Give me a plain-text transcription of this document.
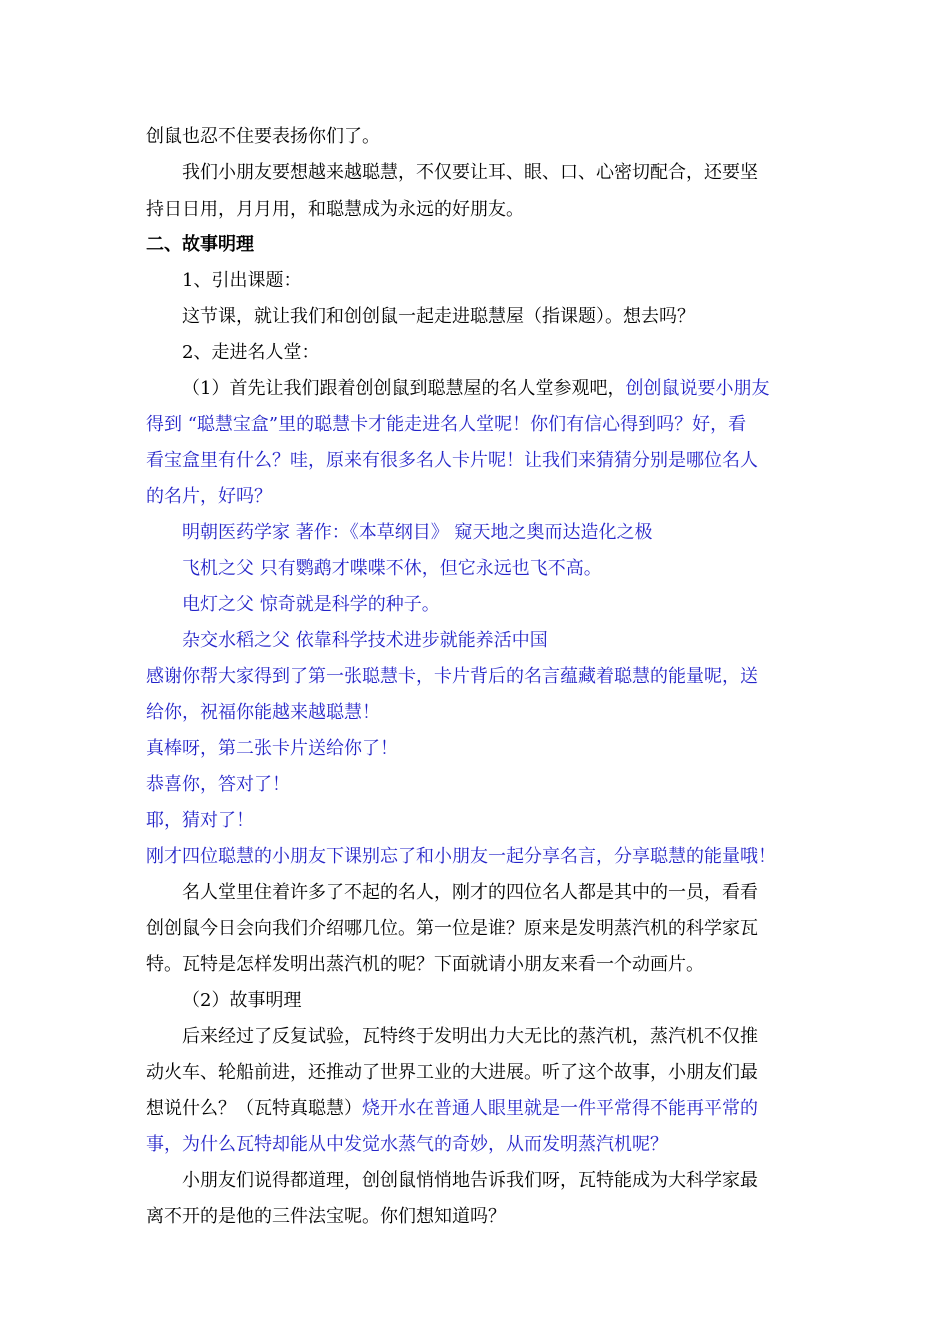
创鼠也忍不住要表扬你们了。
我们小朋友要想越来越聪慧，不仅要让耳、眼、口、心密切配合，还要坚
持日日用，月月用，和聪慧成为永远的好朋友。
二、故事明理
1、引出课题：
这节课，就让我们和创创鼠一起走进聪慧屋（指课题）。想去吗？
2、走进名人堂：
（1）首先让我们跟着创创鼠到聪慧屋的名人堂参观吧，创创鼠说要小朋友
得到 “聪慧宝盒”里的聪慧卡才能走进名人堂呢！你们有信心得到吗？好，看
看宝盒里有什么？哇，原来有很多名人卡片呢！让我们来猜猜分别是哪位名人
的名片，好吗？
明朝医药学家 著作：《本草纲目》 窥天地之奥而达造化之极
飞机之父 只有鹦鹉才喋喋不休，但它永远也飞不高。
电灯之父 惊奇就是科学的种子。
杂交水稻之父 依靠科学技术进步就能养活中国
感谢你帮大家得到了第一张聪慧卡，卡片背后的名言蕴藏着聪慧的能量呢，送
给你，祝福你能越来越聪慧！
真棒呀，第二张卡片送给你了！
恭喜你，答对了！
耶，猜对了！
刚才四位聪慧的小朋友下课别忘了和小朋友一起分享名言，分享聪慧的能量哦！
名人堂里住着许多了不起的名人，刚才的四位名人都是其中的一员，看看
创创鼠今日会向我们介绍哪几位。第一位是谁？原来是发明蒸汽机的科学家瓦
特。瓦特是怎样发明出蒸汽机的呢？下面就请小朋友来看一个动画片。
（2）故事明理
后来经过了反复试验，瓦特终于发明出力大无比的蒸汽机，蒸汽机不仅推
动火车、轮船前进，还推动了世界工业的大进展。听了这个故事，小朋友们最
想说什么？（瓦特真聪慧）烧开水在普通人眼里就是一件平常得不能再平常的
事，为什么瓦特却能从中发觉水蒸气的奇妙，从而发明蒸汽机呢？
小朋友们说得都道理，创创鼠悄悄地告诉我们呀，瓦特能成为大科学家最
离不开的是他的三件法宝呢。你们想知道吗？
